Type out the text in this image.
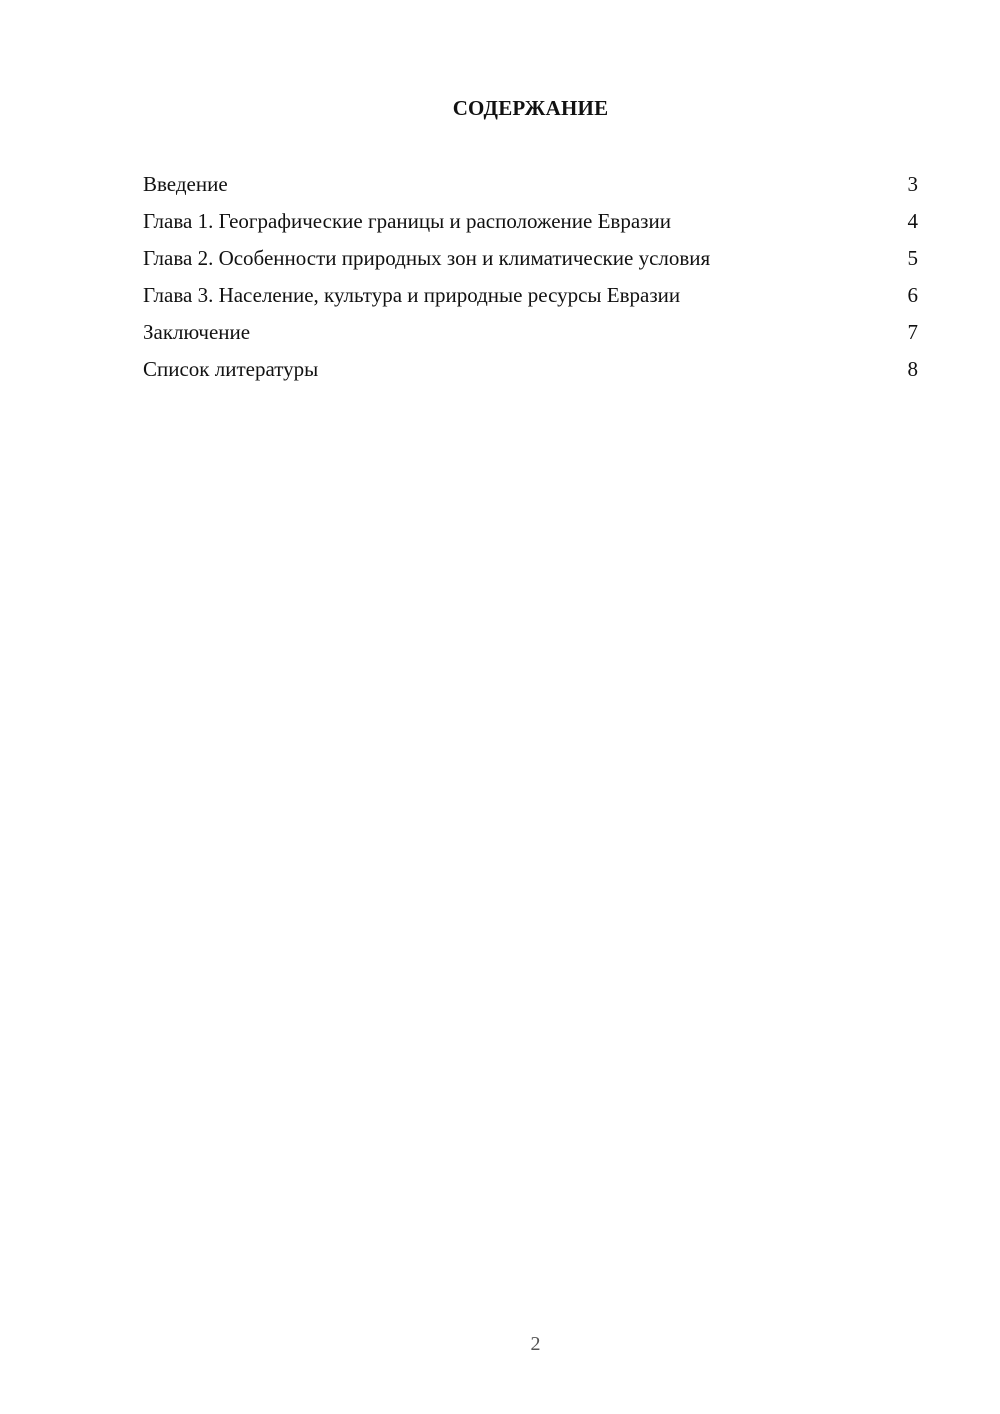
СОДЕРЖАНИЕ
Введение	3
Глава 1. Географические границы и расположение Евразии	4
Глава 2. Особенности природных зон и климатические условия	5
Глава 3. Население, культура и природные ресурсы Евразии	6
Заключение	7
Список литературы	8
2
